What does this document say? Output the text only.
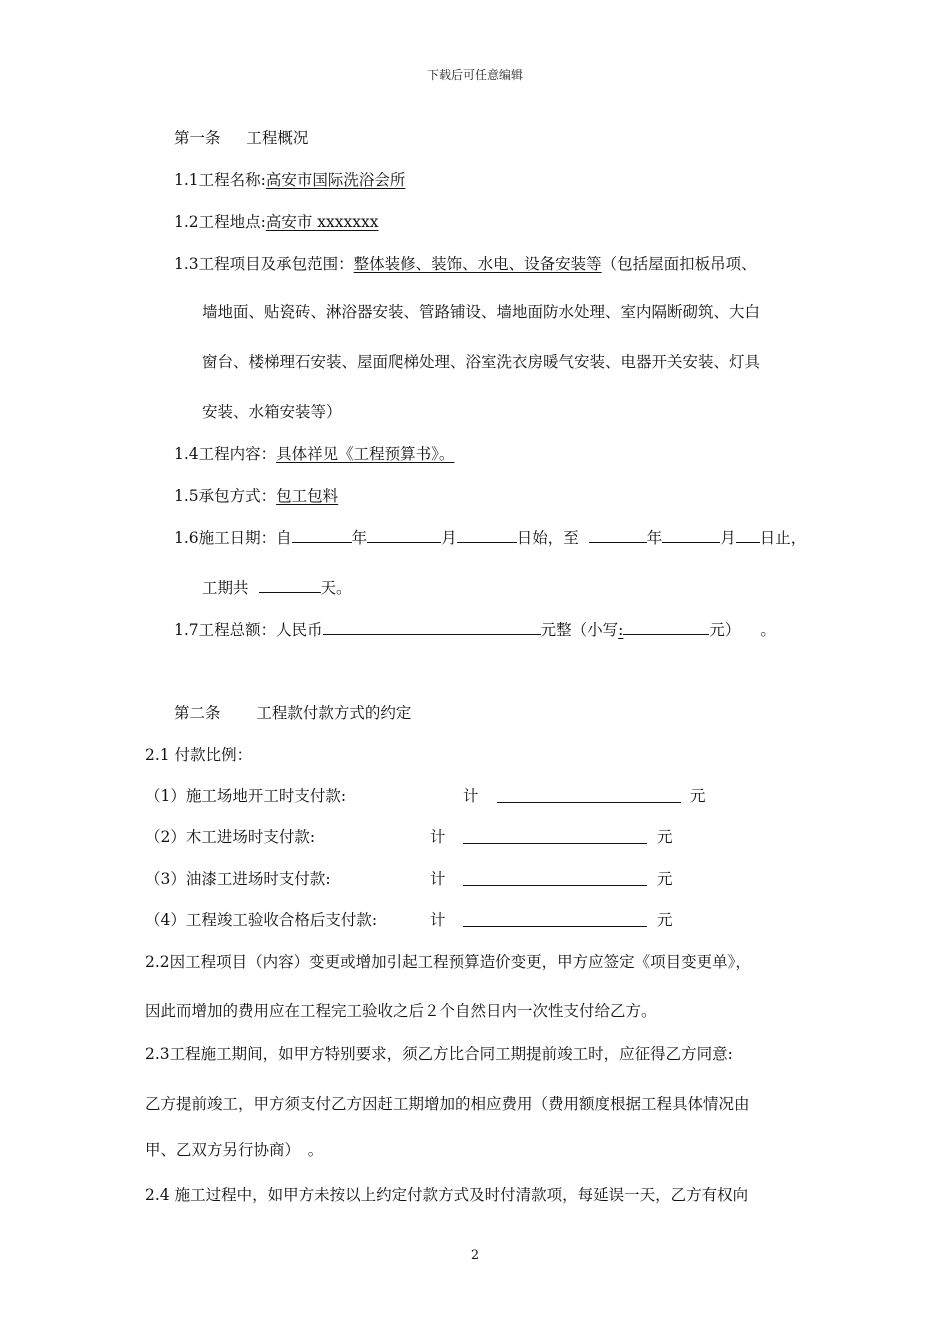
下载后可任意编辑
第一条 工程概况
1.1工程名称:高安市国际洗浴会所
1.2工程地点:高安市 xxxxxxx
1.3工程项目及承包范围：整体装修、装饰、水电、设备安装等（包括屋面扣板吊项、
墙地面、贴瓷砖、淋浴器安装、管路铺设、墙地面防水处理、室内隔断砌筑、大白
窗台、楼梯理石安装、屋面爬梯处理、浴室洗衣房暖气安装、电器开关安装、灯具
安装、水箱安装等）
1.4工程内容：具体祥见《工程预算书》。
1.5承包方式：包工包料
1.6施工日期：自	年	月	日始，至	年	月 日止，
工期共	天。
1.7工程总额：人民币	元整（小写:	元） 。
第二条 工程款付款方式的约定
2.1 付款比例：
（1）施工场地开工时支付款:	计	元
（2）木工进场时支付款:	计	元
（3）油漆工进场时支付款:	计	元
（4）工程竣工验收合格后支付款:	计	元
2.2因工程项目（内容）变更或增加引起工程预算造价变更，甲方应签定《项目变更单》，
因此而增加的费用应在工程完工验收之后２个自然日内一次性支付给乙方。
2.3工程施工期间，如甲方特别要求，须乙方比合同工期提前竣工时，应征得乙方同意:
乙方提前竣工，甲方须支付乙方因赶工期增加的相应费用（费用额度根据工程具体情况由
甲、乙双方另行协商）　。
2.4 施工过程中，如甲方未按以上约定付款方式及时付清款项，每延误一天，乙方有权向
2
